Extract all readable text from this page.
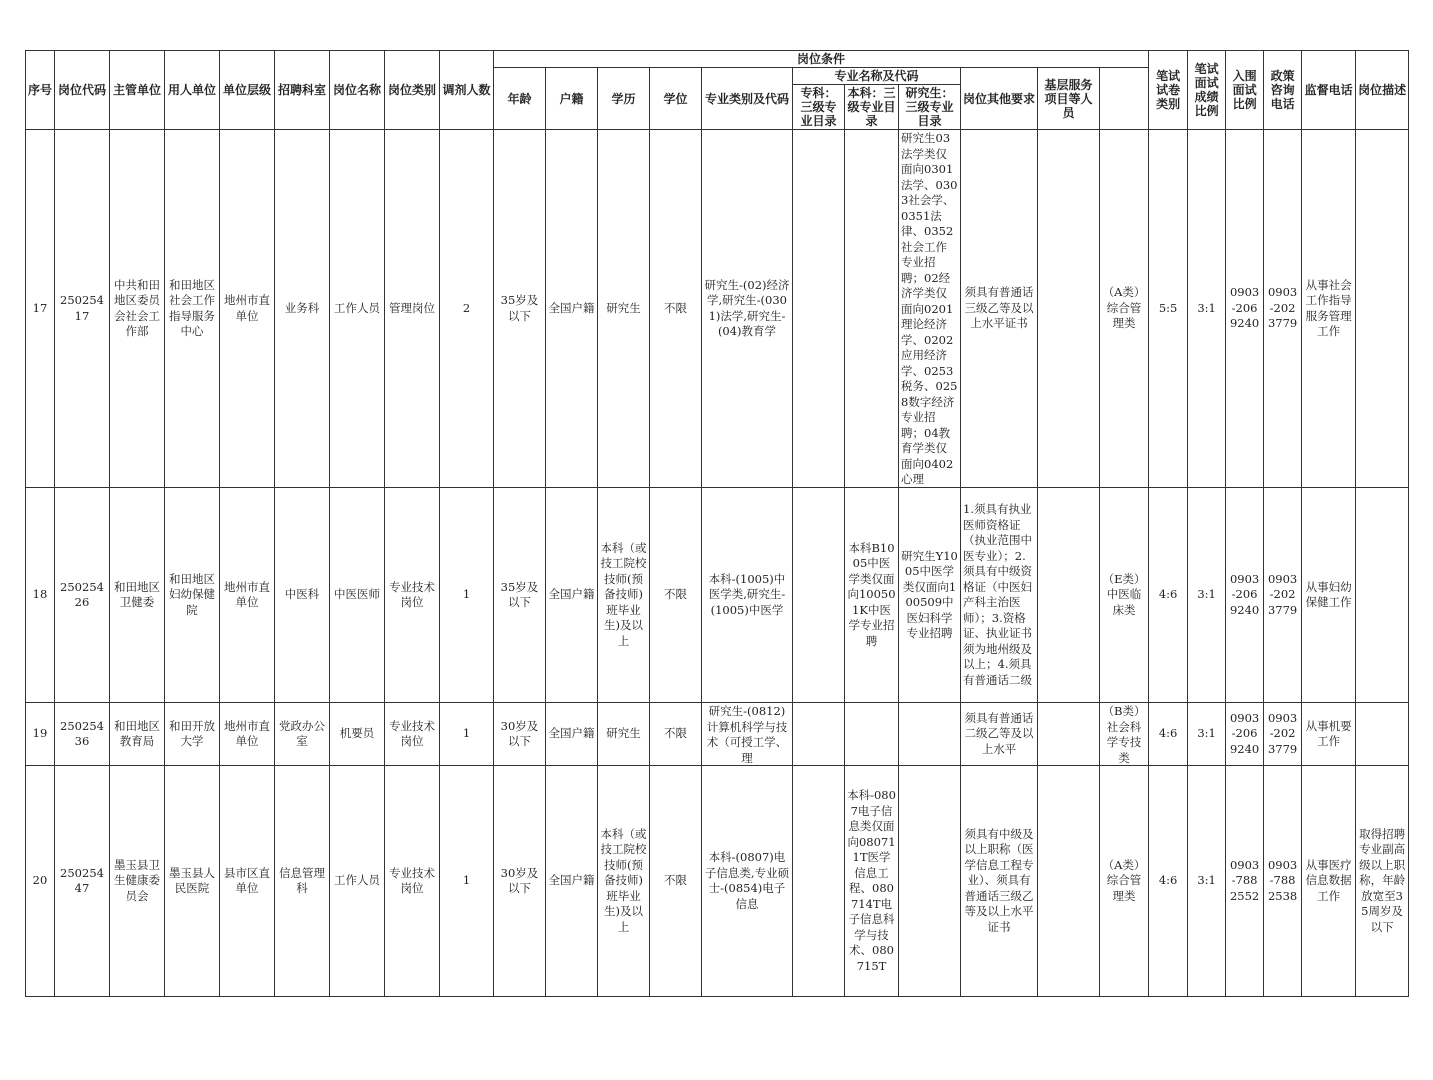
序号	岗位代码	主管单位	用人单位	单位层级	招聘科室	岗位名称	岗位类别	调剂人数	岗位条件											笔试试卷类别	笔试面试成绩比例	入围面试比例	政策咨询电话	监督电话	岗位描述	
									年龄	户籍	学历	学位	专业类别及代码	专业名称及代码			岗位其他要求	基层服务项目等人员								
														专科：三级专业目录	本科：三级专业目录	研究生：三级专业目录										
17	25025417	中共和田地区委员会社会工作部	和田地区社会工作指导服务中心	地州市直单位	业务科	工作人员	管理岗位	2	35岁及以下	全国户籍	研究生	不限	研究生-(02)经济学,研究生-(0301)法学,研究生-(04)教育学			研究生03法学类仅面向0301法学、0303社会学、0351法律、0352社会工作专业招聘；02经济学类仅面向0201理论经济学、0202应用经济学、0253税务、0258数字经济专业招聘；04教育学类仅面向0402心理	须具有普通话三级乙等及以上水平证书		（A类）综合管理类	5:5	3:1	0903-2069240	0903-2023779	从事社会工作指导服务管理工作		
18	25025426	和田地区卫健委	和田地区妇幼保健院	地州市直单位	中医科	中医医师	专业技术岗位	1	35岁及以下	全国户籍	本科（或技工院校技师(预备技师)班毕业生)及以上	不限	本科-(1005)中医学类,研究生-(1005)中医学		本科B1005中医学类仅面向100501K中医学专业招聘	研究生Y1005中医学类仅面向100509中医妇科学专业招聘	1.须具有执业医师资格证（执业范围中医专业）；2.须具有中级资格证（中医妇产科主治医师）；3.资格证、执业证书须为地州级及以上；4.须具有普通话二级		（E类）中医临床类	4:6	3:1	0903-2069240	0903-2023779	从事妇幼保健工作		
19	25025436	和田地区教育局	和田开放大学	地州市直单位	党政办公室	机要员	专业技术岗位	1	30岁及以下	全国户籍	研究生	不限	研究生-(0812)计算机科学与技术（可授工学、理				须具有普通话二级乙等及以上水平		（B类）社会科学专技类	4:6	3:1	0903-2069240	0903-2023779	从事机要工作		
20	25025447	墨玉县卫生健康委员会	墨玉县人民医院	县市区直单位	信息管理科	工作人员	专业技术岗位	1	30岁及以下	全国户籍	本科（或技工院校技师(预备技师)班毕业生)及以上	不限	本科-(0807)电子信息类,专业硕士-(0854)电子信息		本科-0807电子信息类仅面向080711T医学信息工程、080714T电子信息科学与技术、080715T		须具有中级及以上职称（医学信息工程专业）、须具有普通话三级乙等及以上水平证书		（A类）综合管理类	4:6	3:1	0903-7882552	0903-7882538	从事医疗信息数据工作	取得招聘专业副高级以上职称，年龄放宽至35周岁及以下	
